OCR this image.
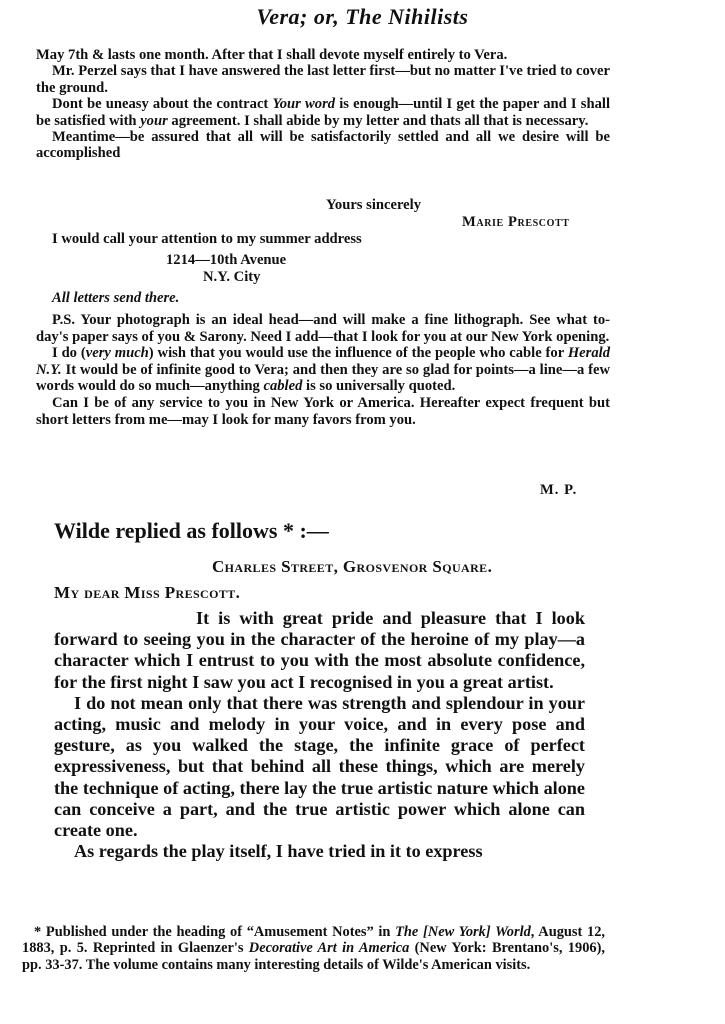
Vera; or, The Nihilists

May 7th & lasts one month. After that I shall devote myself entirely to Vera.

Mr. Perzel says that I have answered the last letter first—but no matter I've tried to cover the ground.

Dont be uneasy about the contract Your word is enough—until I get the paper and I shall be satisfied with your agreement. I shall abide by my letter and thats all that is necessary.

Meantime—be assured that all will be satisfactorily settled and all we desire will be accomplished

Yours sincerely
Marie Prescott
I would call your attention to my summer address
1214—10th Avenue
N.Y. City
All letters send there.

P.S. Your photograph is an ideal head—and will make a fine lithograph. See what to-day's paper says of you & Sarony. Need I add—that I look for you at our New York opening.

I do (very much) wish that you would use the influence of the people who cable for Herald N.Y. It would be of infinite good to Vera; and then they are so glad for points—a line—a few words would do so much—anything cabled is so universally quoted.

Can I be of any service to you in New York or America. Hereafter expect frequent but short letters from me—may I look for many favors from you.

M. P.
Wilde replied as follows * :—
Charles Street, Grosvenor Square.
My dear Miss Prescott.

It is with great pride and pleasure that I look forward to seeing you in the character of the heroine of my play—a character which I entrust to you with the most absolute confidence, for the first night I saw you act I recognised in you a great artist.

I do not mean only that there was strength and splendour in your acting, music and melody in your voice, and in every pose and gesture, as you walked the stage, the infinite grace of perfect expressiveness, but that behind all these things, which are merely the technique of acting, there lay the true artistic nature which alone can conceive a part, and the true artistic power which alone can create one.

As regards the play itself, I have tried in it to express

* Published under the heading of “Amusement Notes” in The [New York] World, August 12, 1883, p. 5. Reprinted in Glaenzer's Decorative Art in America (New York: Brentano's, 1906), pp. 33-37. The volume contains many interesting details of Wilde's American visits.
